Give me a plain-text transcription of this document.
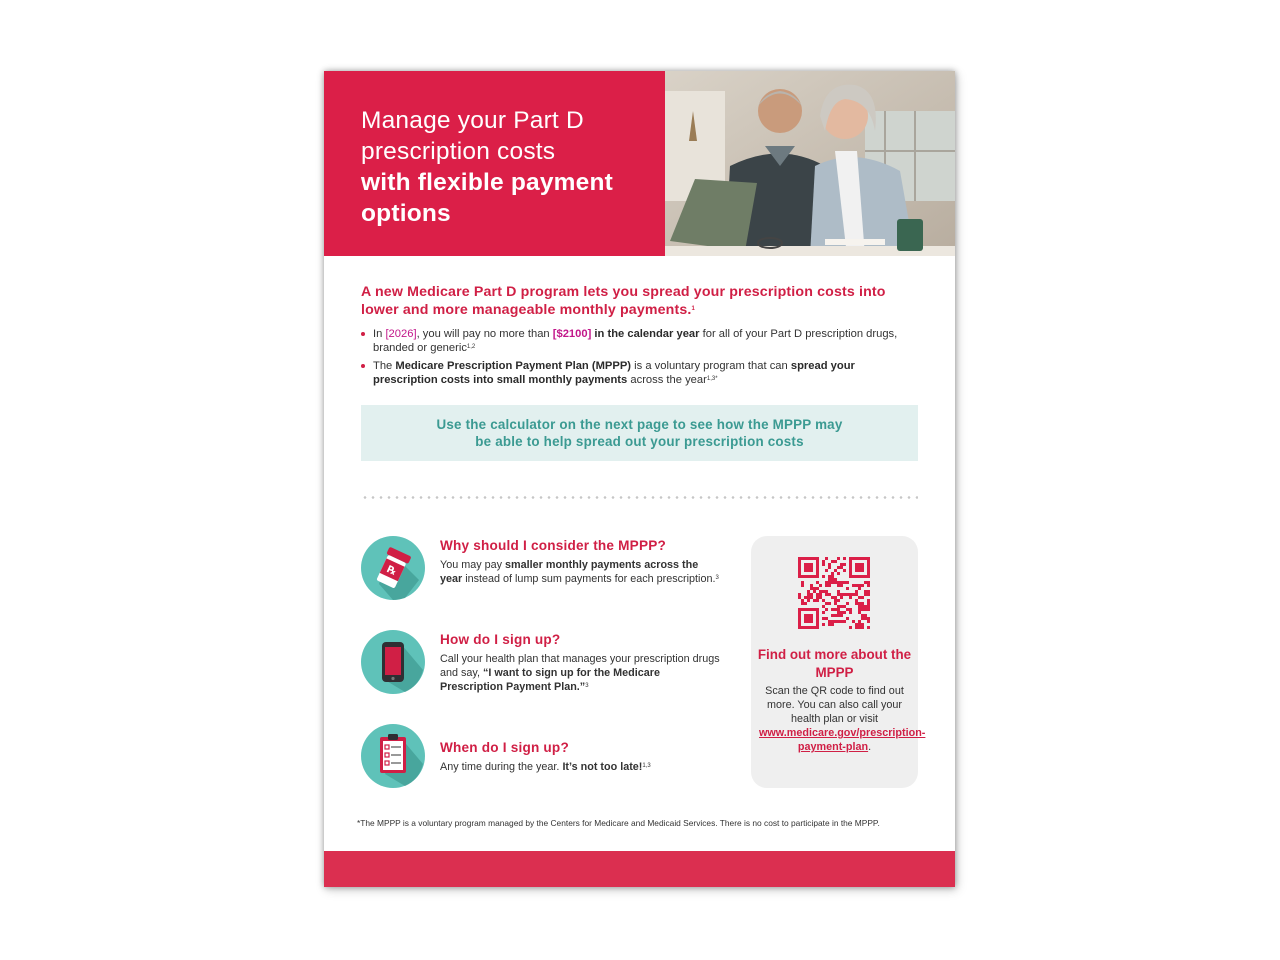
Manage your Part D
prescription costs
with flexible payment
options
A new Medicare Part D program lets you spread your prescription costs into lower and more manageable monthly payments.$^1$
In [2026], you will pay no more than [$2100] in the calendar year for all of your Part D prescription drugs, branded or generic$^{1,2}$
The Medicare Prescription Payment Plan (MPPP) is a voluntary program that can spread your prescription costs into small monthly payments across the year$^{1,3*}$
Use the calculator on the next page to see how the MPPP may be able to help spread out your prescription costs
℞
Why should I consider the MPPP?
You may pay smaller monthly payments across the year instead of lump sum payments for each prescription.$^3$
How do I sign up?
Call your health plan that manages your prescription drugs and say, “I want to sign up for the Medicare Prescription Payment Plan.”$^3$
When do I sign up?
Any time during the year. It’s not too late!$^{1,3}$
Find out more about the MPPP
Scan the QR code to find out more. You can also call your health plan or visit www.medicare.gov/prescription-payment-plan.
*The MPPP is a voluntary program managed by the Centers for Medicare and Medicaid Services. There is no cost to participate in the MPPP.
